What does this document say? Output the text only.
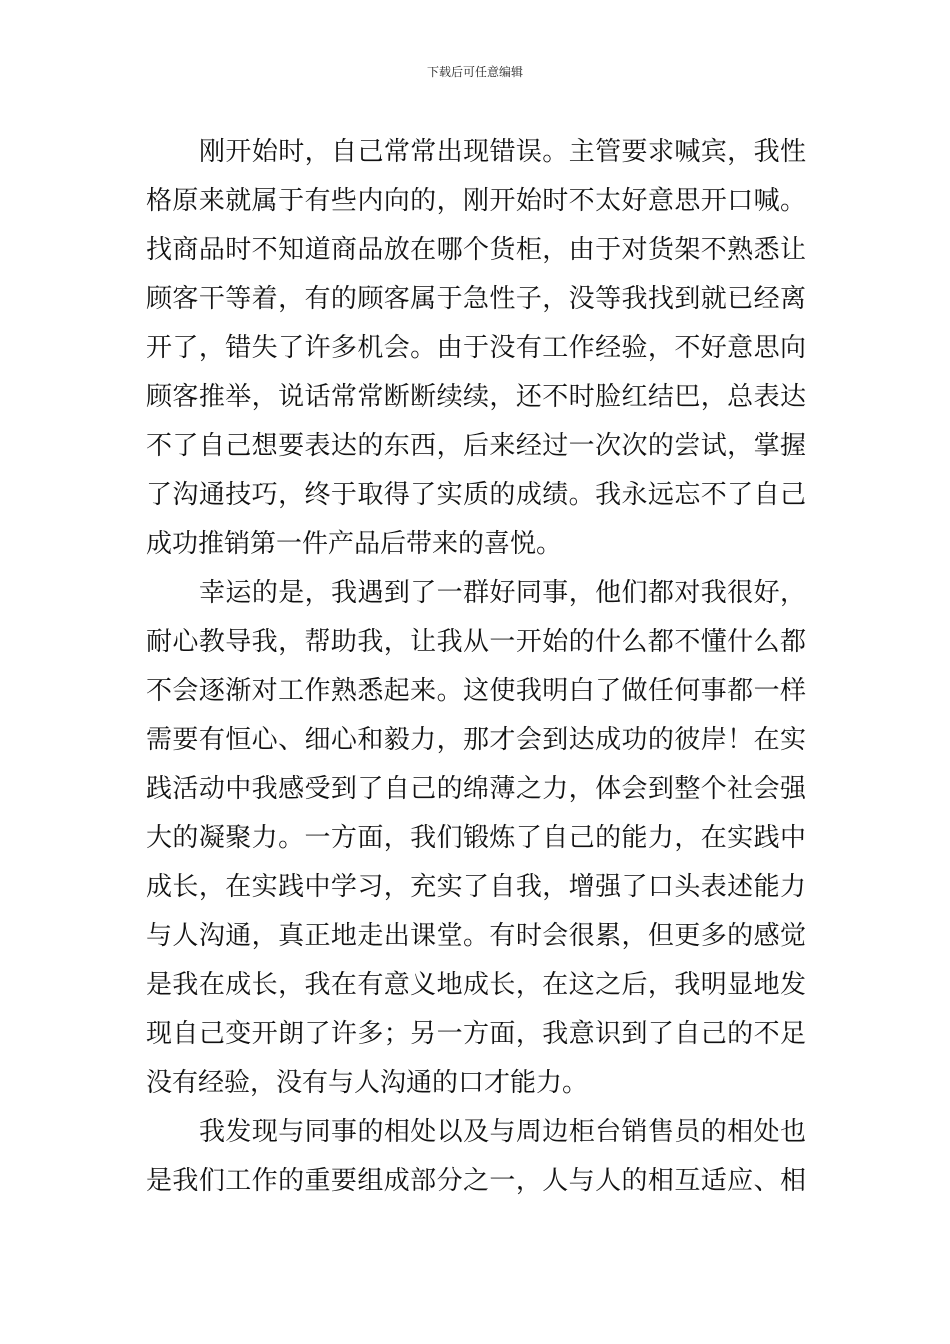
下载后可任意编辑
刚开始时，自己常常出现错误。主管要求喊宾，我性
格原来就属于有些内向的，刚开始时不太好意思开口喊。
找商品时不知道商品放在哪个货柜，由于对货架不熟悉让
顾客干等着，有的顾客属于急性子，没等我找到就已经离
开了，错失了许多机会。由于没有工作经验，不好意思向
顾客推举，说话常常断断续续，还不时脸红结巴，总表达
不了自己想要表达的东西，后来经过一次次的尝试，掌握
了沟通技巧，终于取得了实质的成绩。我永远忘不了自己
成功推销第一件产品后带来的喜悦。
幸运的是，我遇到了一群好同事，他们都对我很好，
耐心教导我，帮助我，让我从一开始的什么都不懂什么都
不会逐渐对工作熟悉起来。这使我明白了做任何事都一样
需要有恒心、细心和毅力，那才会到达成功的彼岸！在实
践活动中我感受到了自己的绵薄之力，体会到整个社会强
大的凝聚力。一方面，我们锻炼了自己的能力，在实践中
成长，在实践中学习，充实了自我，增强了口头表述能力
与人沟通，真正地走出课堂。有时会很累，但更多的感觉
是我在成长，我在有意义地成长，在这之后，我明显地发
现自己变开朗了许多；另一方面，我意识到了自己的不足
没有经验，没有与人沟通的口才能力。
我发现与同事的相处以及与周边柜台销售员的相处也
是我们工作的重要组成部分之一，人与人的相互适应、相
